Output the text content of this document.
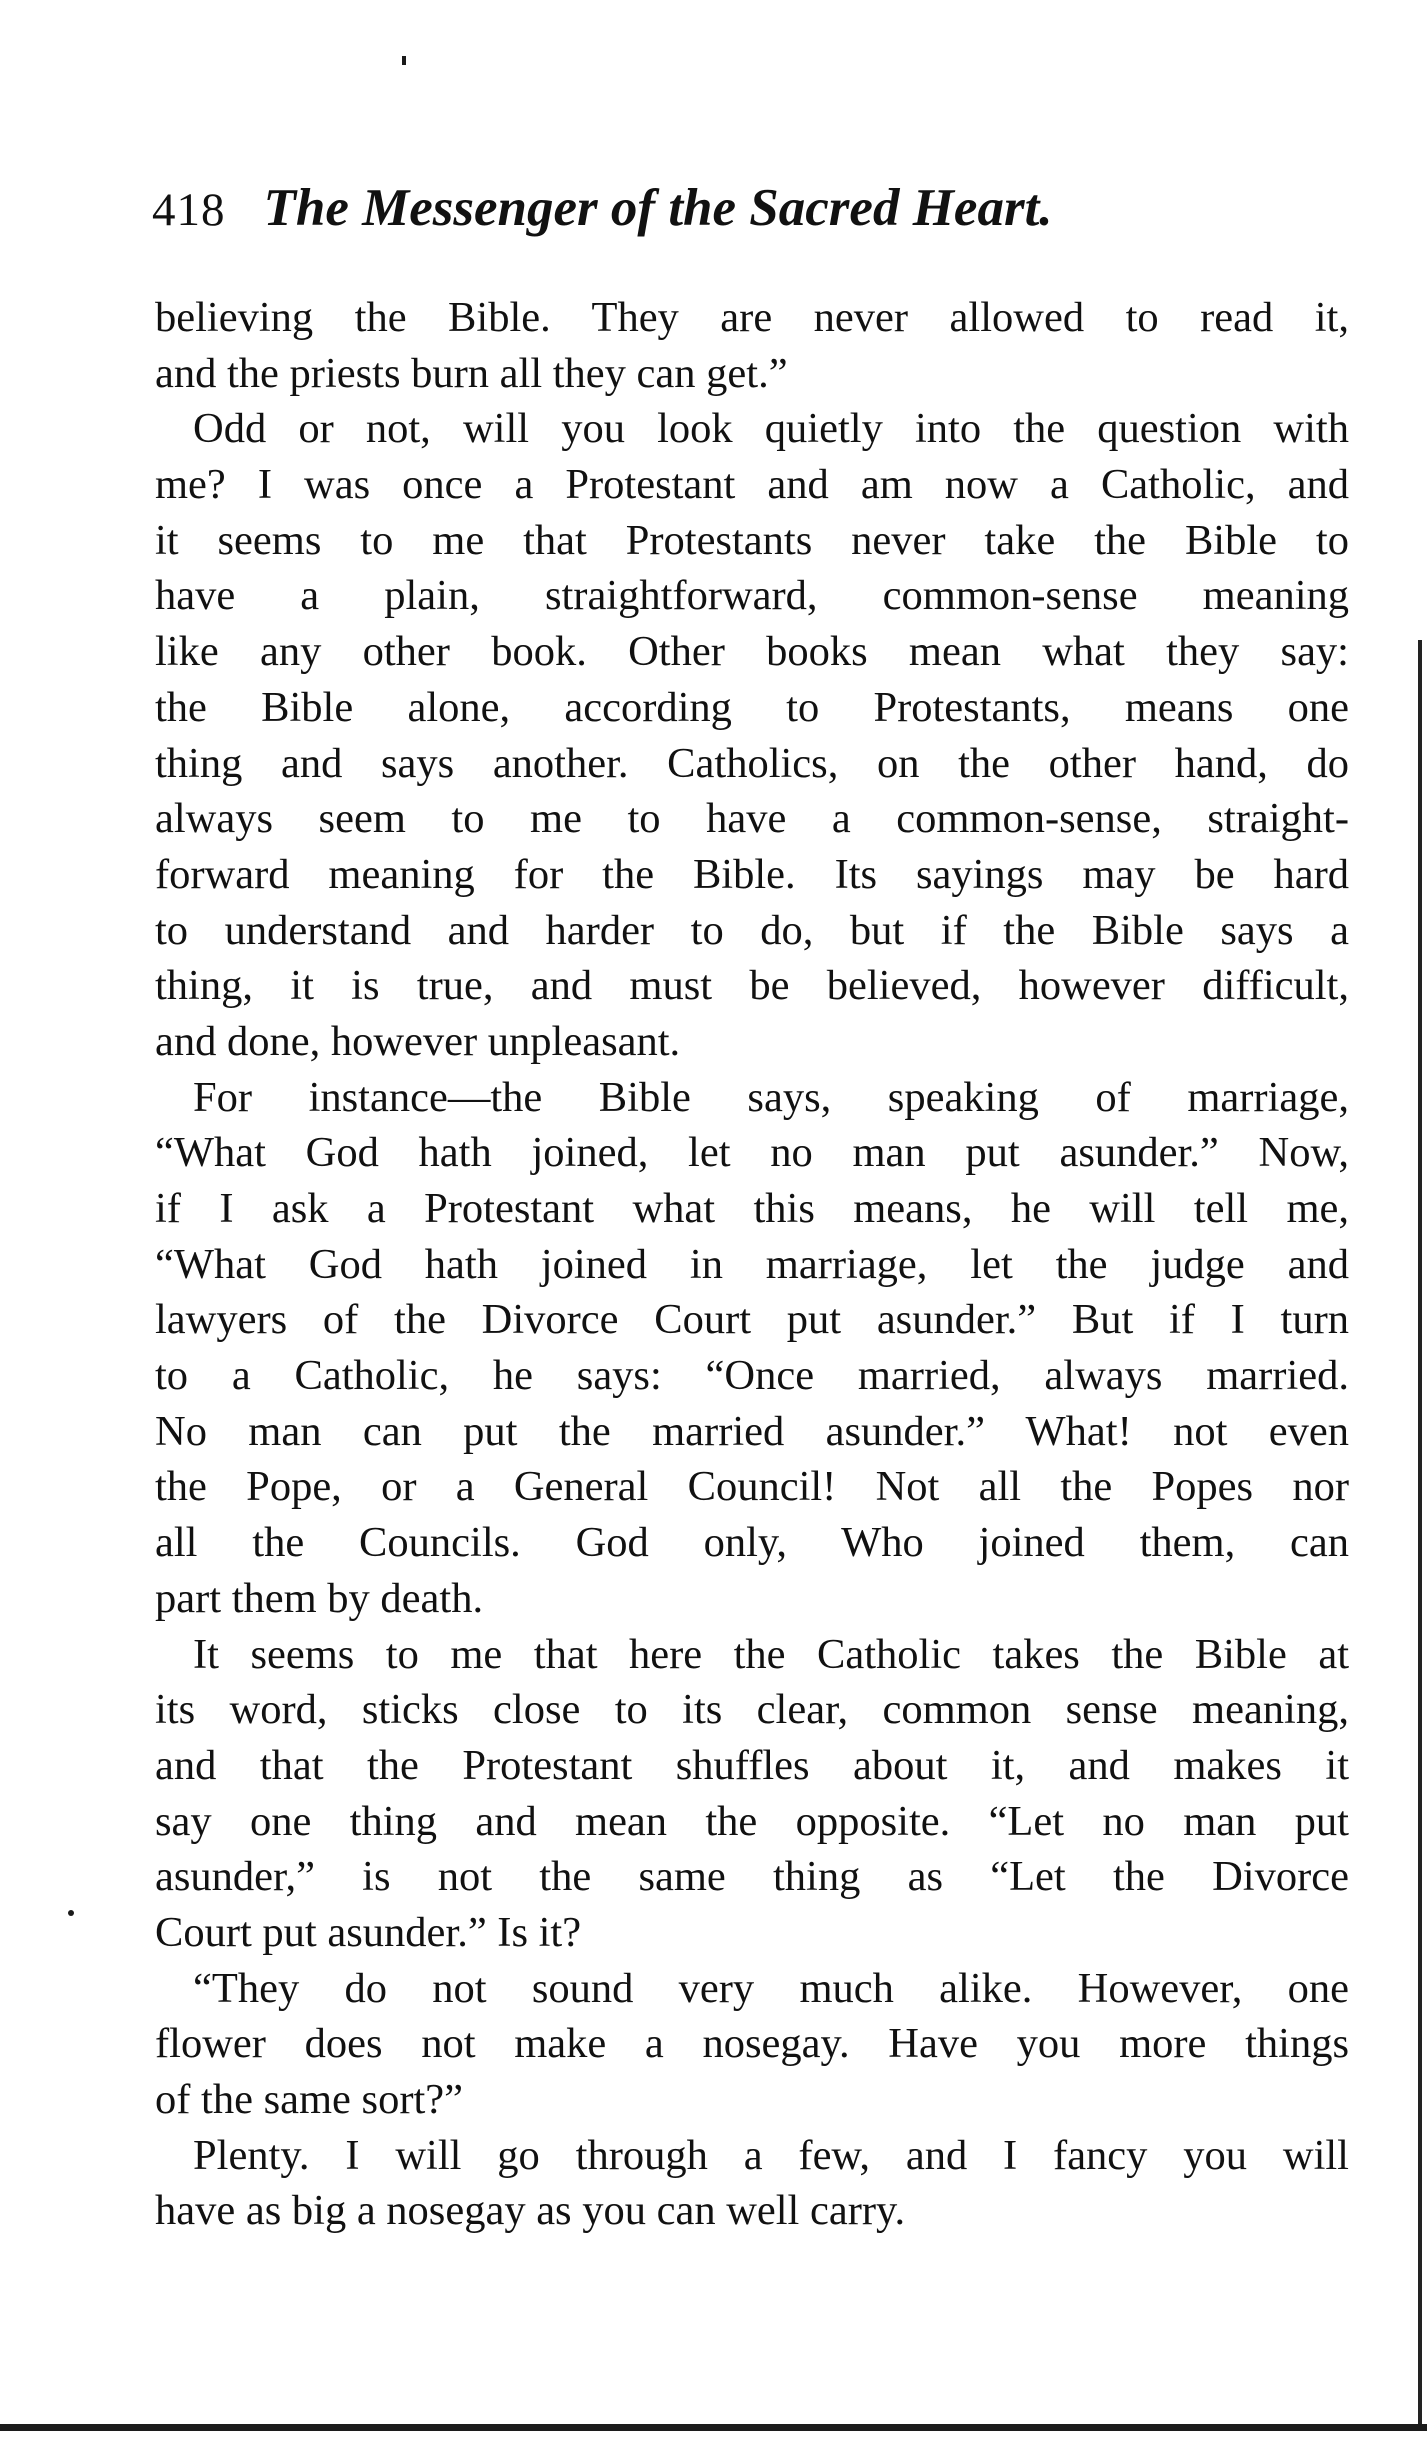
418 The Messenger of the Sacred Heart.
believing the Bible. They are never allowed to read it,
and the priests burn all they can get.”
Odd or not, will you look quietly into the question with
me? I was once a Protestant and am now a Catholic, and
it seems to me that Protestants never take the Bible to
have a plain, straightforward, common-sense meaning
like any other book. Other books mean what they say:
the Bible alone, according to Protestants, means one
thing and says another. Catholics, on the other hand, do
always seem to me to have a common-sense, straight-
forward meaning for the Bible. Its sayings may be hard
to understand and harder to do, but if the Bible says a
thing, it is true, and must be believed, however difficult,
and done, however unpleasant.
For instance—the Bible says, speaking of marriage,
“What God hath joined, let no man put asunder.” Now,
if I ask a Protestant what this means, he will tell me,
“What God hath joined in marriage, let the judge and
lawyers of the Divorce Court put asunder.” But if I turn
to a Catholic, he says: “Once married, always married.
No man can put the married asunder.” What! not even
the Pope, or a General Council! Not all the Popes nor
all the Councils. God only, Who joined them, can
part them by death.
It seems to me that here the Catholic takes the Bible at
its word, sticks close to its clear, common sense meaning,
and that the Protestant shuffles about it, and makes it
say one thing and mean the opposite. “Let no man put
asunder,” is not the same thing as “Let the Divorce
Court put asunder.” Is it?
“They do not sound very much alike. However, one
flower does not make a nosegay. Have you more things
of the same sort?”
Plenty. I will go through a few, and I fancy you will
have as big a nosegay as you can well carry.
